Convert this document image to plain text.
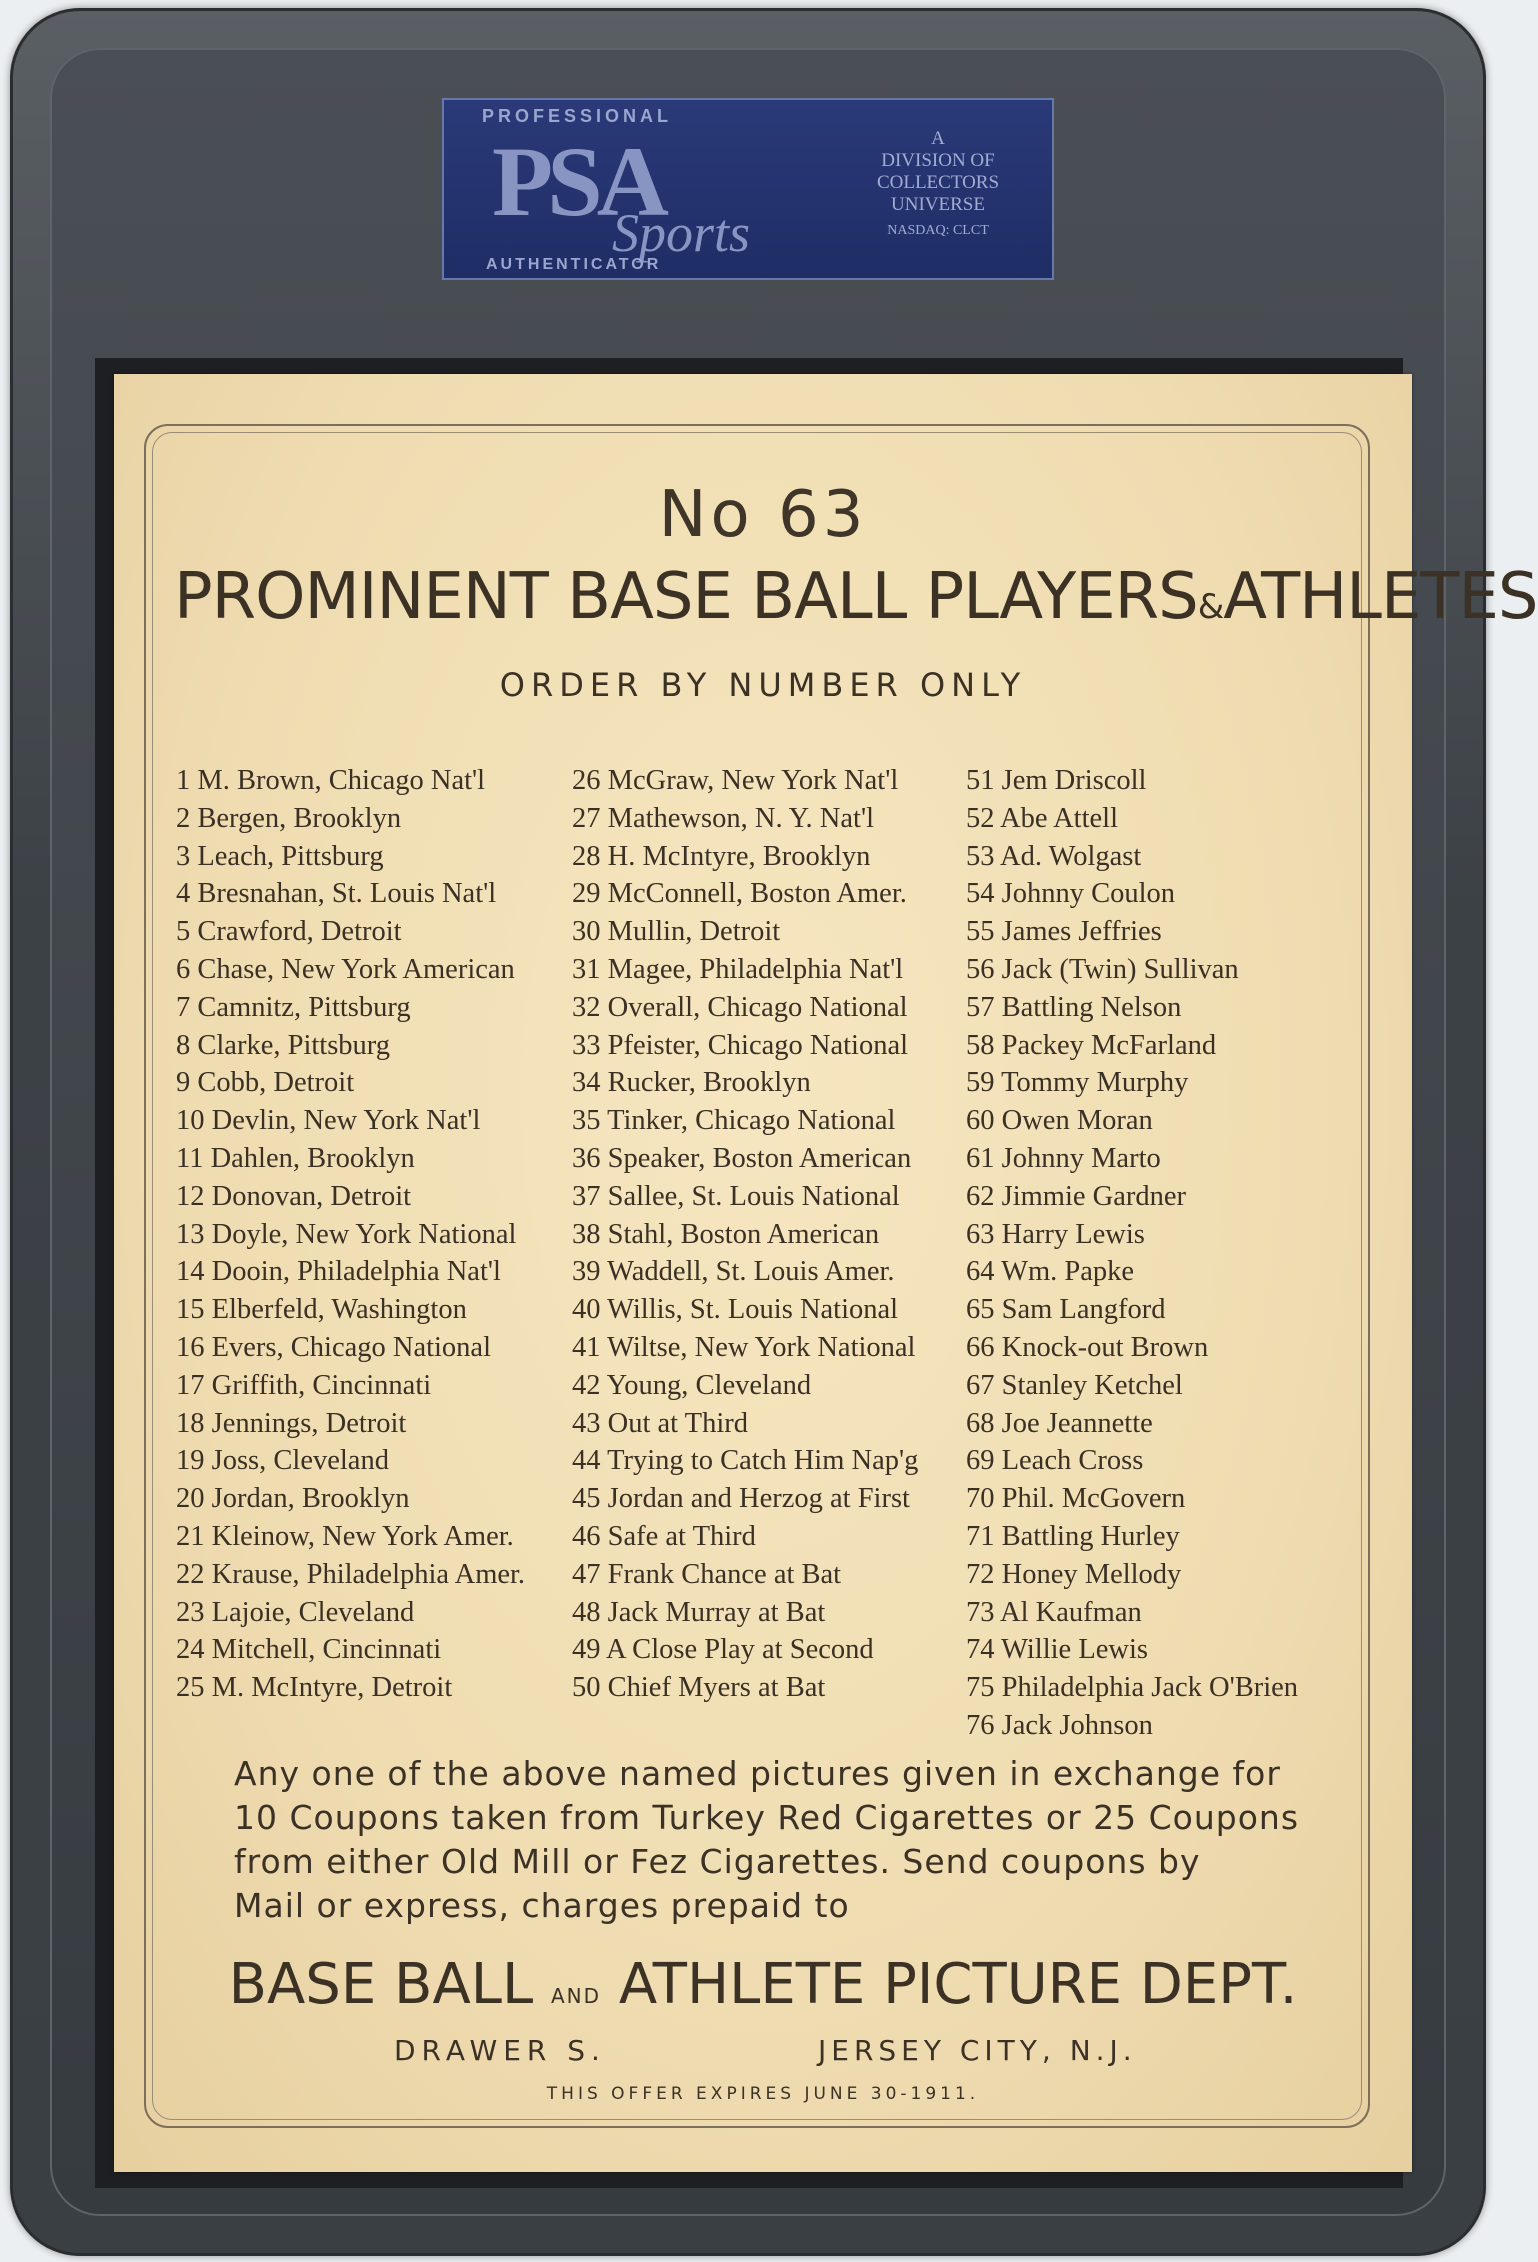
PROFESSIONAL
PSA
Sports
AUTHENTICATOR
A
DIVISION OF
COLLECTORS
UNIVERSE
NASDAQ: CLCT
No 63
PROMINENT BASE BALL PLAYERS&ATHLETES
ORDER BY NUMBER ONLY
1 M. Brown, Chicago Nat'l
2 Bergen, Brooklyn
3 Leach, Pittsburg
4 Bresnahan, St. Louis Nat'l
5 Crawford, Detroit
6 Chase, New York American
7 Camnitz, Pittsburg
8 Clarke, Pittsburg
9 Cobb, Detroit
10 Devlin, New York Nat'l
11 Dahlen, Brooklyn
12 Donovan, Detroit
13 Doyle, New York National
14 Dooin, Philadelphia Nat'l
15 Elberfeld, Washington
16 Evers, Chicago National
17 Griffith, Cincinnati
18 Jennings, Detroit
19 Joss, Cleveland
20 Jordan, Brooklyn
21 Kleinow, New York Amer.
22 Krause, Philadelphia Amer.
23 Lajoie, Cleveland
24 Mitchell, Cincinnati
25 M. McIntyre, Detroit
26 McGraw, New York Nat'l
27 Mathewson, N. Y. Nat'l
28 H. McIntyre, Brooklyn
29 McConnell, Boston Amer.
30 Mullin, Detroit
31 Magee, Philadelphia Nat'l
32 Overall, Chicago National
33 Pfeister, Chicago National
34 Rucker, Brooklyn
35 Tinker, Chicago National
36 Speaker, Boston American
37 Sallee, St. Louis National
38 Stahl, Boston American
39 Waddell, St. Louis Amer.
40 Willis, St. Louis National
41 Wiltse, New York National
42 Young, Cleveland
43 Out at Third
44 Trying to Catch Him Nap'g
45 Jordan and Herzog at First
46 Safe at Third
47 Frank Chance at Bat
48 Jack Murray at Bat
49 A Close Play at Second
50 Chief Myers at Bat
51 Jem Driscoll
52 Abe Attell
53 Ad. Wolgast
54 Johnny Coulon
55 James Jeffries
56 Jack (Twin) Sullivan
57 Battling Nelson
58 Packey McFarland
59 Tommy Murphy
60 Owen Moran
61 Johnny Marto
62 Jimmie Gardner
63 Harry Lewis
64 Wm. Papke
65 Sam Langford
66 Knock-out Brown
67 Stanley Ketchel
68 Joe Jeannette
69 Leach Cross
70 Phil. McGovern
71 Battling Hurley
72 Honey Mellody
73 Al Kaufman
74 Willie Lewis
75 Philadelphia Jack O'Brien
76 Jack Johnson
Any one of the above named pictures given in exchange for
10 Coupons taken from Turkey Red Cigarettes or 25 Coupons
from either Old Mill or Fez Cigarettes. Send coupons by
Mail or express, charges prepaid to
BASE BALL AND ATHLETE PICTURE DEPT.
DRAWER S.	JERSEY CITY, N.J.
THIS OFFER EXPIRES JUNE 30-1911.
